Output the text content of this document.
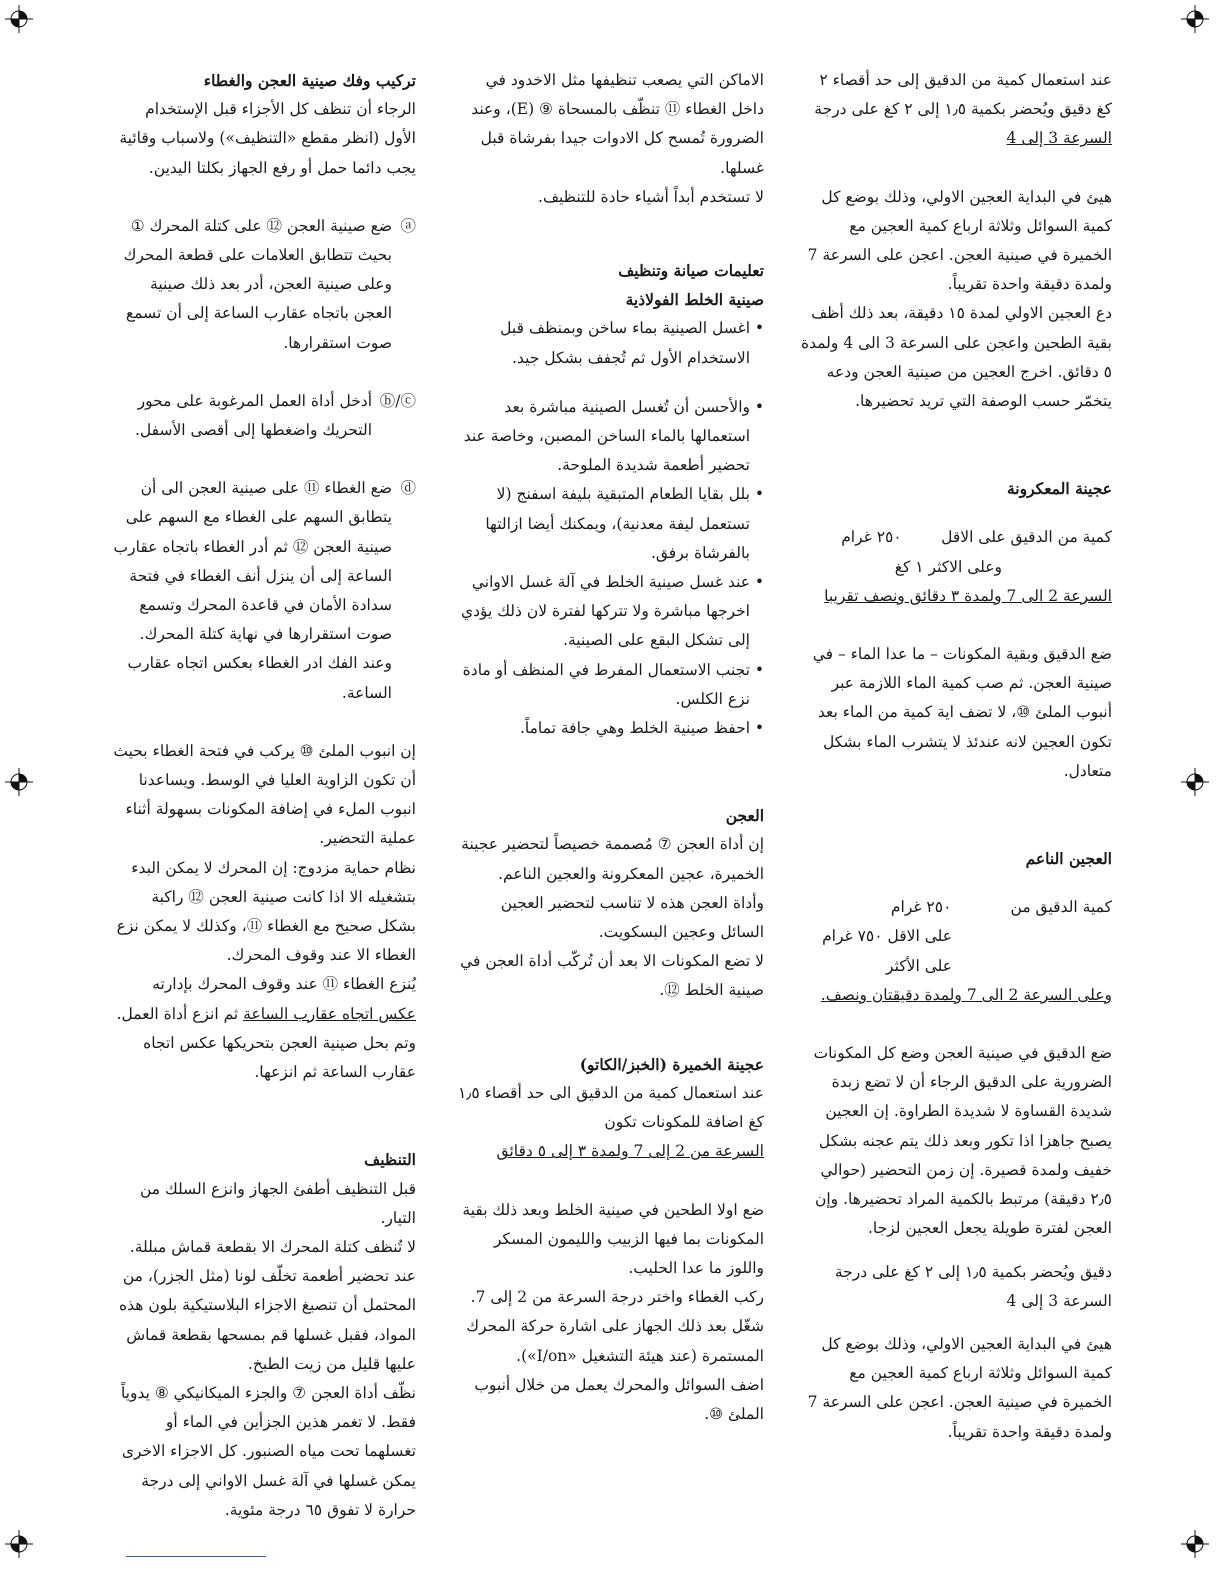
تركيب وفك صينية العجن والغطاء

الرجاء أن تنظف كل الأجزاء قبل الإستخدام الأول (انظر مقطع «التنظيف») ولاسباب وقائية يجب دائما حمل أو رفع الجهاز بكلتا اليدين.

ⓐ

ضع صينية العجن ⑫ على كتلة المحرك ① بحيث تتطابق العلامات على قطعة المحرك وعلى صينية العجن، أدر بعد ذلك صينية العجن باتجاه عقارب الساعة إلى أن تسمع صوت استقرارها.

ⓑ/ⓒ

أدخل أداة العمل المرغوبة على محور التحريك واضغطها إلى أقصى الأسفل.

ⓓ

ضع الغطاء ⑪ على صينية العجن الى أن يتطابق السهم على الغطاء مع السهم على صينية العجن ⑫ ثم أدر الغطاء باتجاه عقارب الساعة إلى أن ينزل أنف الغطاء في فتحة سدادة الأمان في قاعدة المحرك وتسمع صوت استقرارها في نهاية كتلة المحرك. وعند الفك ادر الغطاء بعكس اتجاه عقارب الساعة.

إن انبوب الملئ ⑩ يركب في فتحة الغطاء بحيث أن تكون الزاوية العليا في الوسط. ويساعدنا انبوب الملء في إضافة المكونات بسهولة أثناء عملية التحضير.

نظام حماية مزدوج: إن المحرك لا يمكن البدء بتشغيله الا اذا كانت صينية العجن ⑫ راكبة بشكل صحيح مع الغطاء ⑪، وكذلك لا يمكن نزع الغطاء الا عند وقوف المحرك.

يُنزع الغطاء ⑪ عند وقوف المحرك بإدارته عكس اتجاه عقارب الساعة ثم انزع أداة العمل. وتم بحل صينية العجن بتحريكها عكس اتجاه عقارب الساعة ثم انزعها.

التنظيف

قبل التنظيف أطفئ الجهاز وانزع السلك من التيار.

لا تُنظف كتلة المحرك الا بقطعة قماش مبللة.

عند تحضير أطعمة تخلّف لونا (مثل الجزر)، من المحتمل أن تنصبغ الاجزاء البلاستيكية بلون هذه المواد، فقبل غسلها قم بمسحها بقطعة قماش عليها قليل من زيت الطبخ.

نظّف أداة العجن ⑦ والجزء الميكانيكي ⑧ يدوياً فقط. لا تغمر هذين الجزأين في الماء أو تغسلهما تحت مياه الصنبور. كل الاجزاء الاخرى يمكن غسلها في آلة غسل الاواني إلى درجة حرارة لا تفوق ٦٥ درجة مئوية.

الاماكن التي يصعب تنظيفها مثل الاخدود في داخل الغطاء ⑪ تنظّف بالمسحاة ⑨ (E)، وعند الضرورة تُمسح كل الادوات جيدا بفرشاة قبل غسلها.

لا تستخدم أبداً أشياء حادة للتنظيف.

تعليمات صيانة وتنظيف

صينية الخلط الفولاذية

• اغسل الصينية بماء ساخن وبمنظف قبل الاستخدام الأول ثم تُجفف بشكل جيد.
• والأحسن أن تُغسل الصينية مباشرة بعد استعمالها بالماء الساخن المصبن، وخاصة عند تحضير أطعمة شديدة الملوحة.
• بلل بقايا الطعام المتبقية بليفة اسفنج (لا تستعمل ليفة معدنية)، ويمكنك أيضا ازالتها بالفرشاة برفق.
• عند غسل صينية الخلط في آلة غسل الاواني اخرجها مباشرة ولا تتركها لفترة لان ذلك يؤدي إلى تشكل البقع على الصينية.
• تجنب الاستعمال المفرط في المنظف أو مادة نزع الكلس.
• احفظ صينية الخلط وهي جافة تماماً.

العجن

إن أداة العجن ⑦ مُصممة خصيصاً لتحضير عجينة الخميرة، عجين المعكرونة والعجين الناعم.

وأداة العجن هذه لا تناسب لتحضير العجين السائل وعجين البسكويت.

لا تضع المكونات الا بعد أن تُركّب أداة العجن في صينية الخلط ⑫.

عجينة الخميرة (الخبز/الكاتو)

عند استعمال كمية من الدقيق الى حد أقصاء ١٫٥ كغ اضافة للمكونات تكون

السرعة من 2 إلى 7 ولمدة ٣ إلى ٥ دقائق

ضع اولا الطحين في صينية الخلط وبعد ذلك بقية المكونات بما فيها الزبيب والليمون المسكر واللوز ما عدا الحليب.

ركب الغطاء واختر درجة السرعة من 2 إلى 7. شغّل بعد ذلك الجهاز على اشارة حركة المحرك المستمرة (عند هيئة التشغيل «I/on»).

اضف السوائل والمحرك يعمل من خلال أنبوب الملئ ⑩.

عند استعمال كمية من الدقيق إلى حد أقصاء ٢ كغ دقيق ويُحضر بكمية ١٫٥ إلى ٢ كغ على درجة

السرعة 3 إلى 4

هيئ في البداية العجين الاولي، وذلك بوضع كل كمية السوائل وثلاثة ارباع كمية العجين مع الخميرة في صينية العجن. اعجن على السرعة 7 ولمدة دقيقة واحدة تقريباً.

دع العجين الاولي لمدة ١٥ دقيقة، بعد ذلك أظف بقية الطحين واعجن على السرعة 3 الى 4 ولمدة ٥ دقائق. اخرج العجين من صينية العجن ودعه يتخمّر حسب الوصفة التي تريد تحضيرها.

عجينة المعكرونة

كمية من الدقيق على الاقل        ٢٥٠ غرام

وعلى الاكثر ١ كغ

السرعة 2 الى 7 ولمدة ٣ دقائق ونصف تقريبا

ضع الدقيق وبقية المكونات – ما عدا الماء – في صينية العجن. ثم صب كمية الماء اللازمة عبر أنبوب الملئ ⑩، لا تضف اية كمية من الماء بعد تكون العجين لانه عندئذ لا يتشرب الماء بشكل متعادل.

العجين الناعم

كمية الدقيق من            ٢٥٠ غرام

على الاقل ٧٥٠ غرام

على الأكثر

وعلى السرعة 2 الى 7 ولمدة دقيقتان ونصف.

ضع الدقيق في صينية العجن وضع كل المكونات الضرورية على الدقيق الرجاء أن لا تضع زبدة شديدة القساوة لا شديدة الطراوة. إن العجين يصبح جاهزا اذا تكور وبعد ذلك يتم عجنه بشكل خفيف ولمدة قصيرة. إن زمن التحضير (حوالي ٢٫٥ دقيقة) مرتبط بالكمية المراد تحضيرها. وإن العجن لفترة طويلة يجعل العجين لزجا.

دقيق ويُحضر بكمية ١٫٥ إلى ٢ كغ على درجة السرعة 3 إلى 4

هيئ في البداية العجين الاولي، وذلك بوضع كل كمية السوائل وثلاثة ارباع كمية العجين مع الخميرة في صينية العجن. اعجن على السرعة 7 ولمدة دقيقة واحدة تقريباً.
